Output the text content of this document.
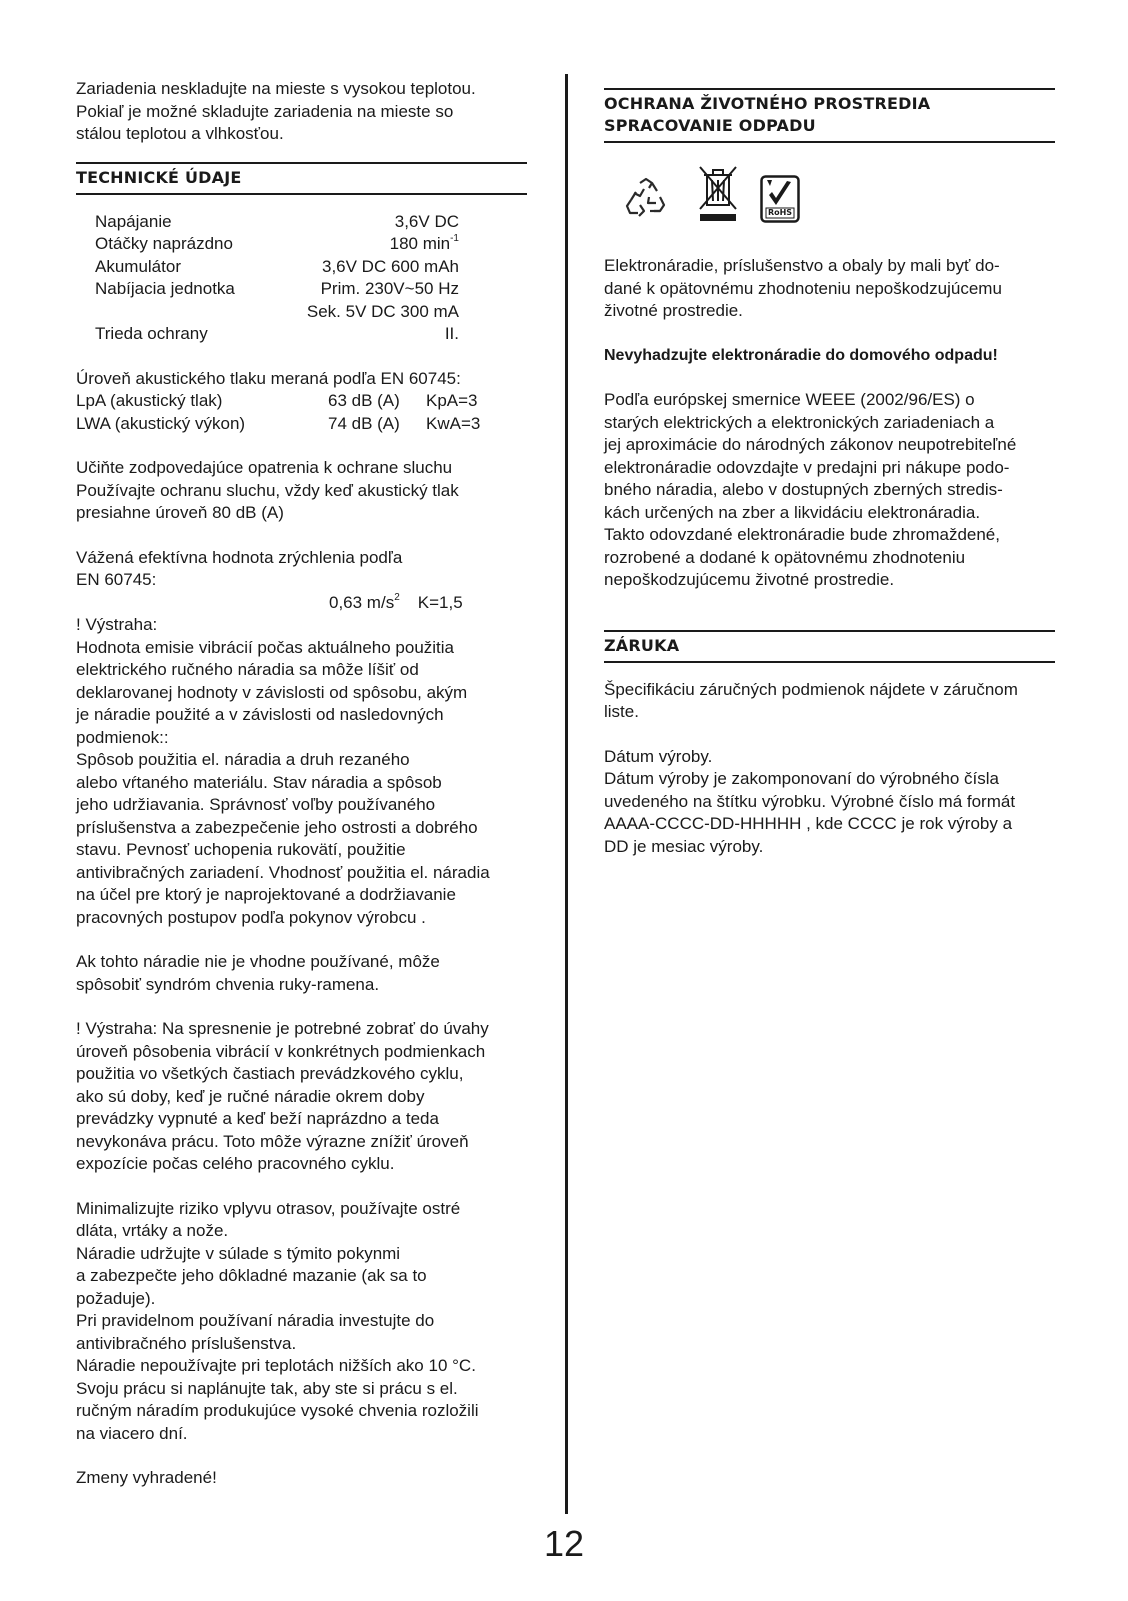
Zariadenia neskladujte na mieste s vysokou teplotou.

Pokiaľ je možné skladujte zariadenia na mieste so

stálou teplotou a vlhkosťou.

TECHNICKÉ ÚDAJE
Napájanie	3,6V DC
Otáčky naprázdno	180 $\min^{-1}$
Akumulátor	3,6V DC 600 mAh
Nabíjacia jednotka	Prim. 230V~50 Hz
Sek. 5V DC 300 mA
Trieda ochrany	II.

Úroveň akustického tlaku meraná podľa EN 60745:

LpA (akustický tlak)	63 dB (A)	KpA=3
LWA (akustický výkon)	74 dB (A)	KwA=3

Učiňte zodpovedajúce opatrenia k ochrane sluchu

Používajte ochranu sluchu, vždy keď akustický tlak

presiahne úroveň 80 dB (A)

Vážená efektívna hodnota zrýchlenia podľa

EN 60745:

0,63 $m/s^2$ K=1,5

! Výstraha:

Hodnota emisie vibrácií počas aktuálneho použitia

elektrického ručného náradia sa môže líšiť od

deklarovanej hodnoty v závislosti od spôsobu, akým

je náradie použité a v závislosti od nasledovných

podmienok::

Spôsob použitia el. náradia a druh rezaného

alebo vŕtaného materiálu. Stav náradia a spôsob

jeho udržiavania. Správnosť voľby používaného

príslušenstva a zabezpečenie jeho ostrosti a dobrého

stavu. Pevnosť uchopenia rukovätí, použitie

antivibračných zariadení. Vhodnosť použitia el. náradia

na účel pre ktorý je naprojektované a dodržiavanie

pracovných postupov podľa pokynov výrobcu .

Ak tohto náradie nie je vhodne používané, môže

spôsobiť syndróm chvenia ruky-ramena.

! Výstraha: Na spresnenie je potrebné zobrať do úvahy

úroveň pôsobenia vibrácií v konkrétnych podmienkach

použitia vo všetkých častiach prevádzkového cyklu,

ako sú doby, keď je ručné náradie okrem doby

prevádzky vypnuté a keď beží naprázdno a teda

nevykonáva prácu. Toto môže výrazne znížiť úroveň

expozície počas celého pracovného cyklu.

Minimalizujte riziko vplyvu otrasov, používajte ostré

dláta, vrtáky a nože.

Náradie udržujte v súlade s týmito pokynmi

a zabezpečte jeho dôkladné mazanie (ak sa to

požaduje).

Pri pravidelnom používaní náradia investujte do

antivibračného príslušenstva.

Náradie nepoužívajte pri teplotách nižších ako 10 °C.

Svoju prácu si naplánujte tak, aby ste si prácu s el.

ručným náradím produkujúce vysoké chvenia rozložili

na viacero dní.

Zmeny vyhradené!

OCHRANA ŽIVOTNÉHO PROSTREDIA
SPRACOVANIE ODPADU
RoHS

Elektronáradie, príslušenstvo a obaly by mali byť do-

dané k opätovnému zhodnoteniu nepoškodzujúcemu

životné prostredie.

Nevyhadzujte elektronáradie do domového odpadu!

Podľa európskej smernice WEEE (2002/96/ES) o

starých elektrických a elektronických zariadeniach a

jej aproximácie do národných zákonov neupotrebiteľné

elektronáradie odovzdajte v predajni pri nákupe podo-

bného náradia, alebo v dostupných zberných stredis-

kách určených na zber a likvidáciu elektronáradia.

Takto odovzdané elektronáradie bude zhromaždené,

rozrobené a dodané k opätovnému zhodnoteniu

nepoškodzujúcemu životné prostredie.

ZÁRUKA

Špecifikáciu záručných podmienok nájdete v záručnom

liste.

Dátum výroby.

Dátum výroby je zakomponovaní do výrobného čísla

uvedeného na štítku výrobku. Výrobné číslo má formát

AAAA-CCCC-DD-HHHHH , kde CCCC je rok výroby a

DD je mesiac výroby.

12
